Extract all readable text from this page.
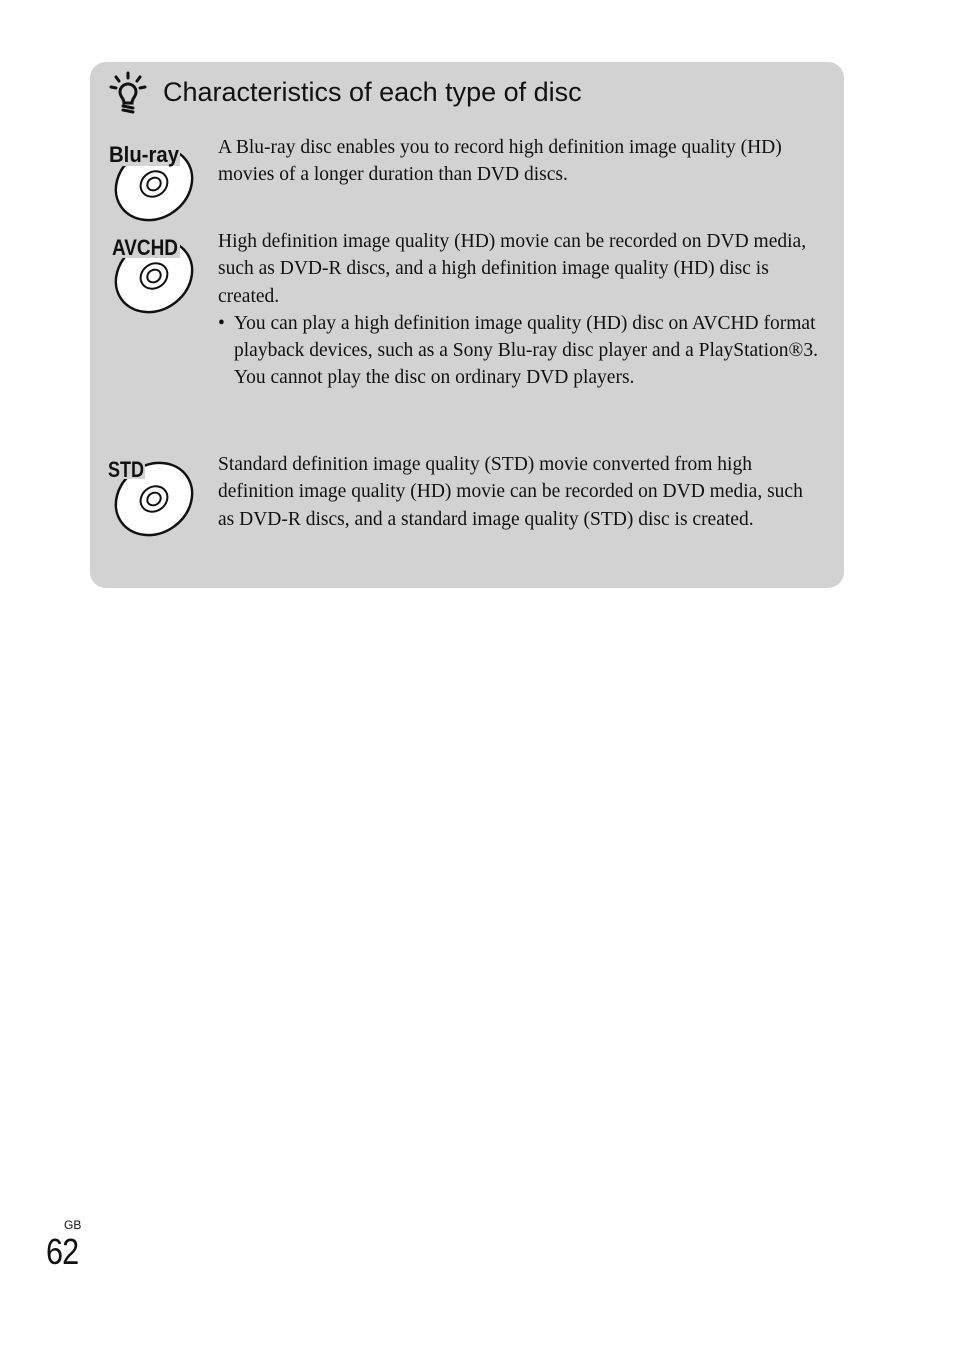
Characteristics of each type of disc
Blu-ray A Blu-ray disc enables you to record high definition image quality (HD) movies of a longer duration than DVD discs.

AVCHD High definition image quality (HD) movie can be recorded on DVD media, such as DVD-R discs, and a high definition image quality (HD) disc is created.

• You can play a high definition image quality (HD) disc on AVCHD format playback devices, such as a Sony Blu-ray disc player and a PlayStation®3. You cannot play the disc on ordinary DVD players.

STD	Standard definition image quality (STD) movie converted from high definition image quality (HD) movie can be recorded on DVD media, such as DVD-R discs, and a standard image quality (STD) disc is created.

GB
62
